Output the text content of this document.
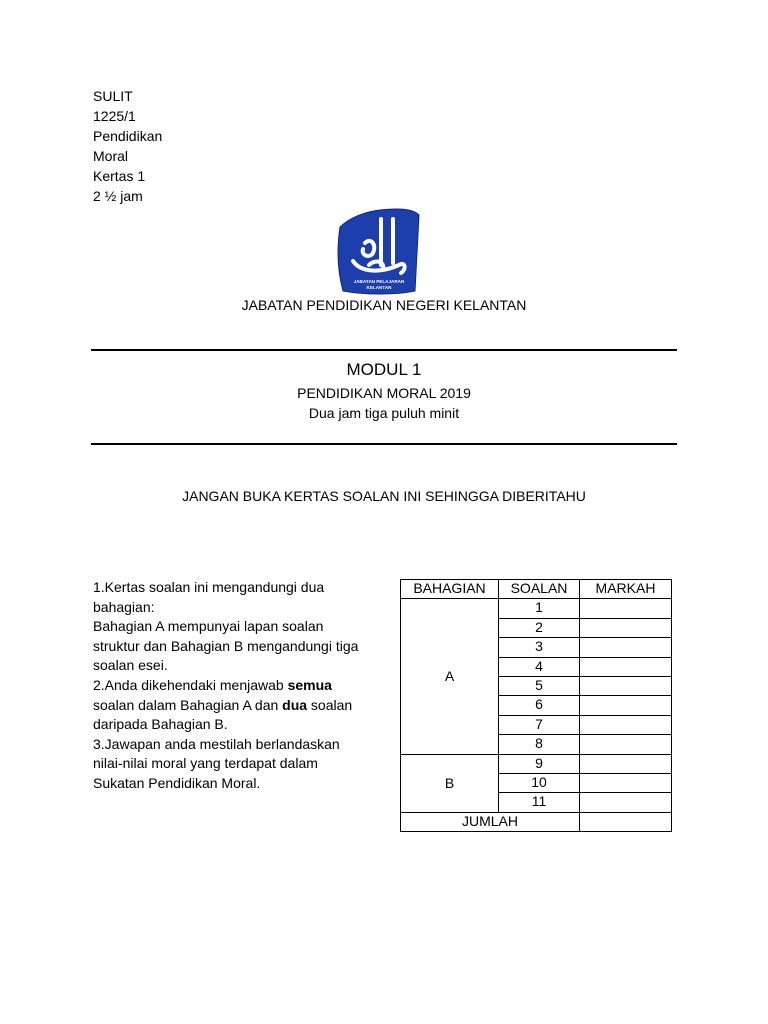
SULIT
1225/1
Pendidikan
Moral
Kertas 1
2 ½ jam
JABATAN PELAJARAN
KELANTAN
JABATAN PENDIDIKAN NEGERI KELANTAN
MODUL 1
PENDIDIKAN MORAL 2019
Dua jam tiga puluh minit
JANGAN BUKA KERTAS SOALAN INI SEHINGGA DIBERITAHU

1.Kertas soalan ini mengandungi dua bahagian:

Bahagian A mempunyai lapan soalan struktur dan Bahagian B mengandungi tiga soalan esei.

2.Anda dikehendaki menjawab semua soalan dalam Bahagian A dan dua soalan daripada Bahagian B.

3.Jawapan anda mestilah berlandaskan nilai-nilai moral yang terdapat dalam Sukatan Pendidikan Moral.

BAHAGIAN	SOALAN	MARKAH
A	1	
	2	
	3	
	4	
	5	
	6	
	7	
	8	
B	9	
	10	
	11	
JUMLAH		
